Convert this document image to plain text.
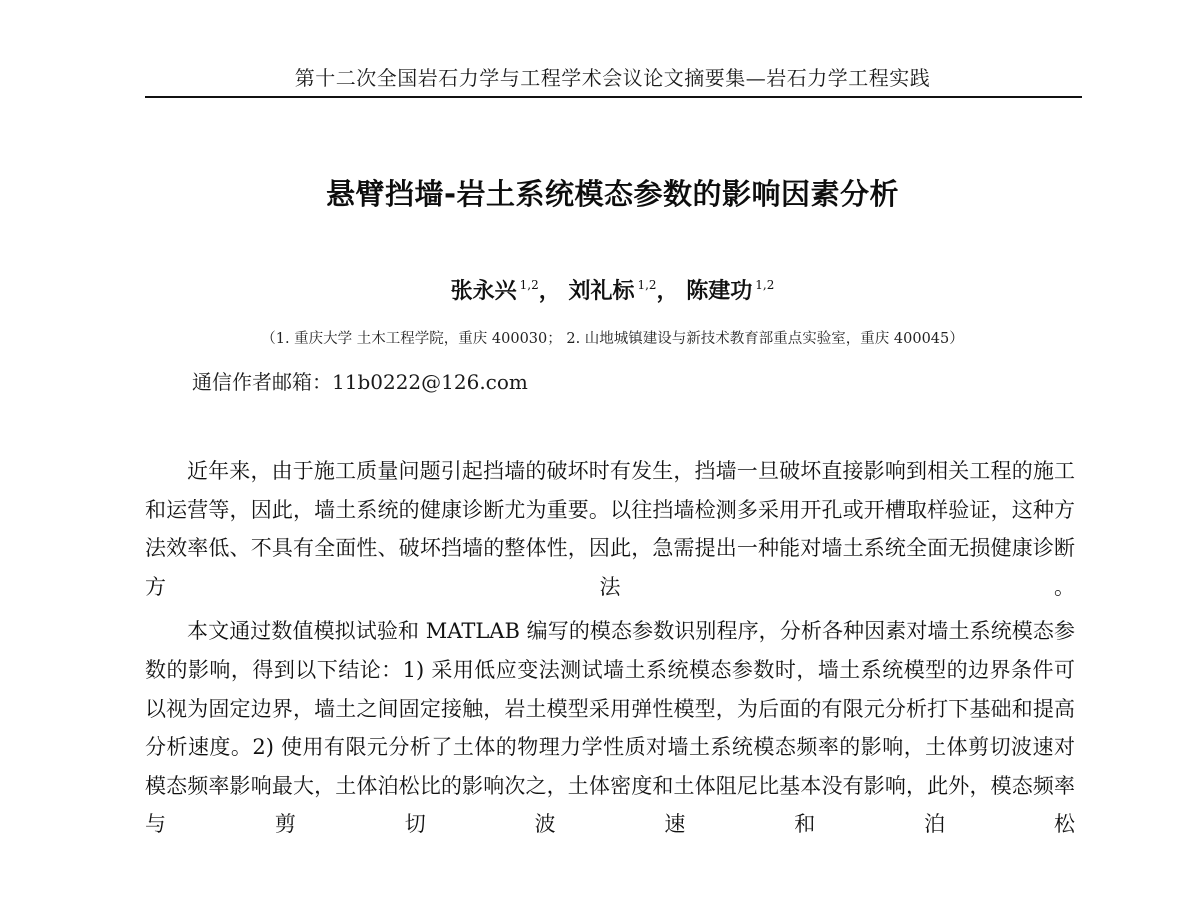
第十二次全国岩石力学与工程学术会议论文摘要集—岩石力学工程实践
悬臂挡墙-岩土系统模态参数的影响因素分析
张永兴 $^{1,2}$， 刘礼标 $^{1,2}$， 陈建功 $^{1,2}$
（1. 重庆大学 土木工程学院，重庆 400030； 2. 山地城镇建设与新技术教育部重点实验室，重庆 400045）
通信作者邮箱：11b0222@126.com

近年来，由于施工质量问题引起挡墙的破坏时有发生，挡墙一旦破坏直接影响到相关工程的施工和运营等，因此，墙土系统的健康诊断尤为重要。以往挡墙检测多采用开孔或开槽取样验证，这种方法效率低、不具有全面性、破坏挡墙的整体性，因此，急需提出一种能对墙土系统全面无损健康诊断方法。

本文通过数值模拟试验和 MATLAB 编写的模态参数识别程序，分析各种因素对墙土系统模态参数的影响，得到以下结论：1) 采用低应变法测试墙土系统模态参数时，墙土系统模型的边界条件可以视为固定边界，墙土之间固定接触，岩土模型采用弹性模型，为后面的有限元分析打下基础和提高分析速度。2) 使用有限元分析了土体的物理力学性质对墙土系统模态频率的影响，土体剪切波速对模态频率影响最大，土体泊松比的影响次之，土体密度和土体阻尼比基本没有影响，此外，模态频率与剪切波速和泊松
